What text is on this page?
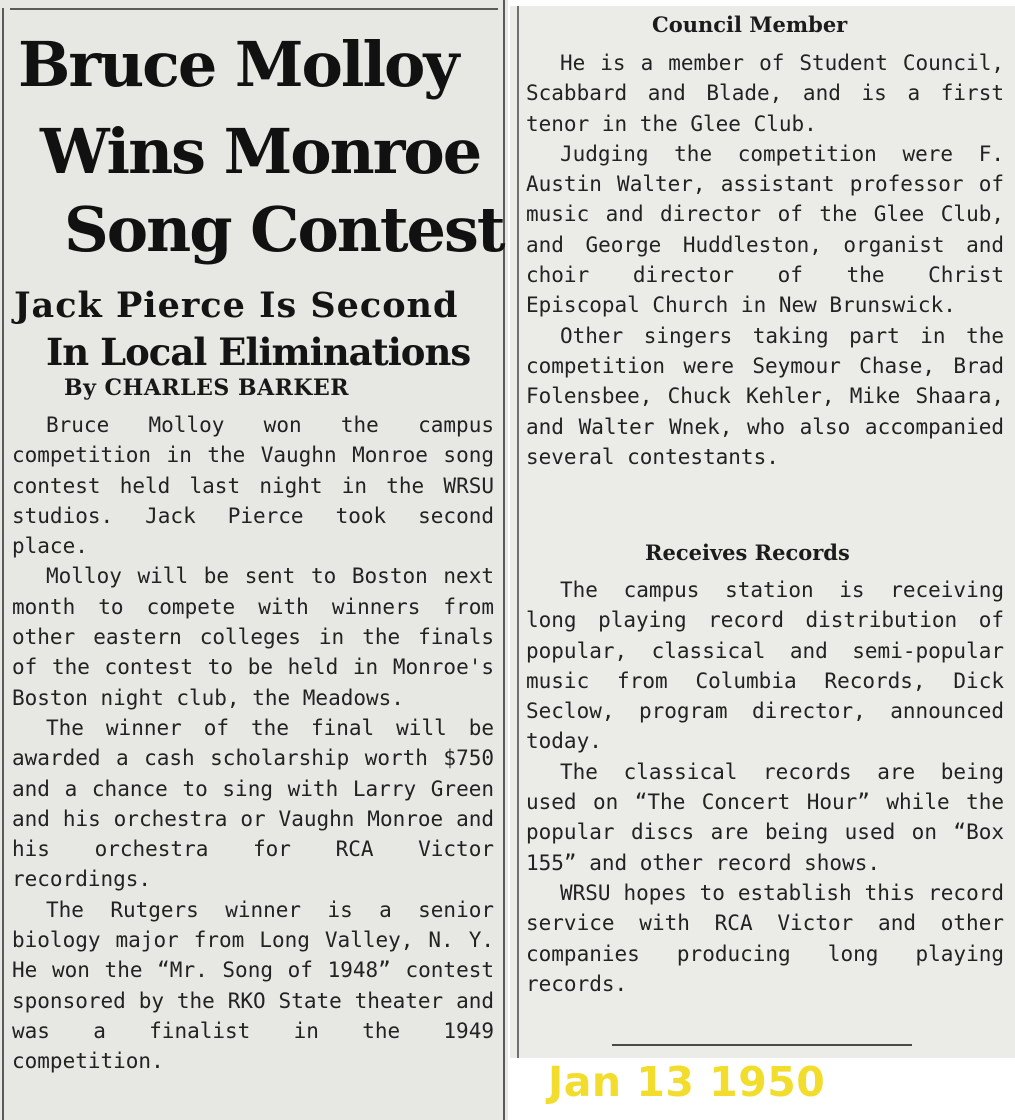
Bruce Molloy
Wins Monroe
Song Contest
Jack Pierce Is Second
In Local Eliminations
By CHARLES BARKER

Bruce Molloy won the campus competition in the Vaughn Monroe song contest held last night in the WRSU studios. Jack Pierce took second place.

Molloy will be sent to Boston next month to compete with winners from other eastern colleges in the finals of the contest to be held in Monroe's Boston night club, the Meadows.

The winner of the final will be awarded a cash scholarship worth $750 and a chance to sing with Larry Green and his orchestra or Vaughn Monroe and his orchestra for RCA Victor recordings.

The Rutgers winner is a senior biology major from Long Valley, N. Y. He won the “Mr. Song of 1948” contest sponsored by the RKO State theater and was a finalist in the 1949 competition.

Council Member

He is a member of Student Council, Scabbard and Blade, and is a first tenor in the Glee Club.

Judging the competition were F. Austin Walter, assistant professor of music and director of the Glee Club, and George Huddleston, organist and choir director of the Christ Episcopal Church in New Brunswick.

Other singers taking part in the competition were Seymour Chase, Brad Folensbee, Chuck Kehler, Mike Shaara, and Walter Wnek, who also accompanied several contestants.

Receives Records

The campus station is receiving long playing record distribution of popular, classical and semi-popular music from Columbia Records, Dick Seclow, program director, announced today.

The classical records are being used on “The Concert Hour” while the popular discs are being used on “Box 155” and other record shows.

WRSU hopes to establish this record service with RCA Victor and other companies producing long playing records.

Jan 13 1950
